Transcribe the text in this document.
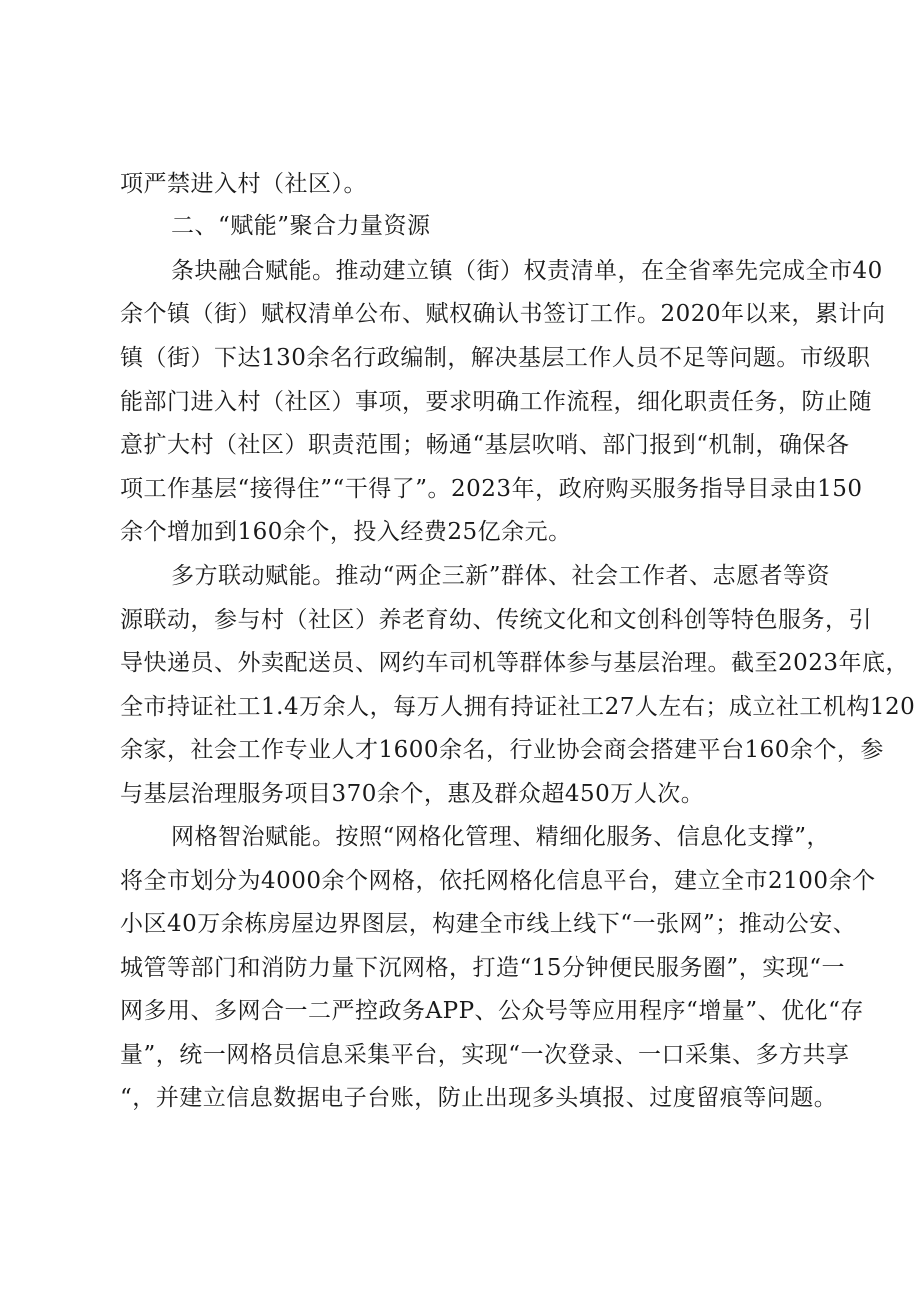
项严禁进入村（社区）。
二、“赋能”聚合力量资源
条块融合赋能。推动建立镇（街）权责清单，在全省率先完成全市40
余个镇（街）赋权清单公布、赋权确认书签订工作。2020年以来，累计向
镇（街）下达130余名行政编制，解决基层工作人员不足等问题。市级职
能部门进入村（社区）事项，要求明确工作流程，细化职责任务，防止随
意扩大村（社区）职责范围；畅通“基层吹哨、部门报到“机制，确保各
项工作基层“接得住”“干得了”。2023年，政府购买服务指导目录由150
余个增加到160余个，投入经费25亿余元。
多方联动赋能。推动“两企三新”群体、社会工作者、志愿者等资
源联动，参与村（社区）养老育幼、传统文化和文创科创等特色服务，引
导快递员、外卖配送员、网约车司机等群体参与基层治理。截至2023年底，
全市持证社工1.4万余人，每万人拥有持证社工27人左右；成立社工机构120
余家，社会工作专业人才1600余名，行业协会商会搭建平台160余个，参
与基层治理服务项目370余个，惠及群众超450万人次。
网格智治赋能。按照“网格化管理、精细化服务、信息化支撑”，
将全市划分为4000余个网格，依托网格化信息平台，建立全市2100余个
小区40万余栋房屋边界图层，构建全市线上线下“一张网”；推动公安、
城管等部门和消防力量下沉网格，打造“15分钟便民服务圈”，实现“一
网多用、多网合一二严控政务APP、公众号等应用程序“增量”、优化“存
量”，统一网格员信息采集平台，实现“一次登录、一口采集、多方共享
“，并建立信息数据电子台账，防止出现多头填报、过度留痕等问题。
